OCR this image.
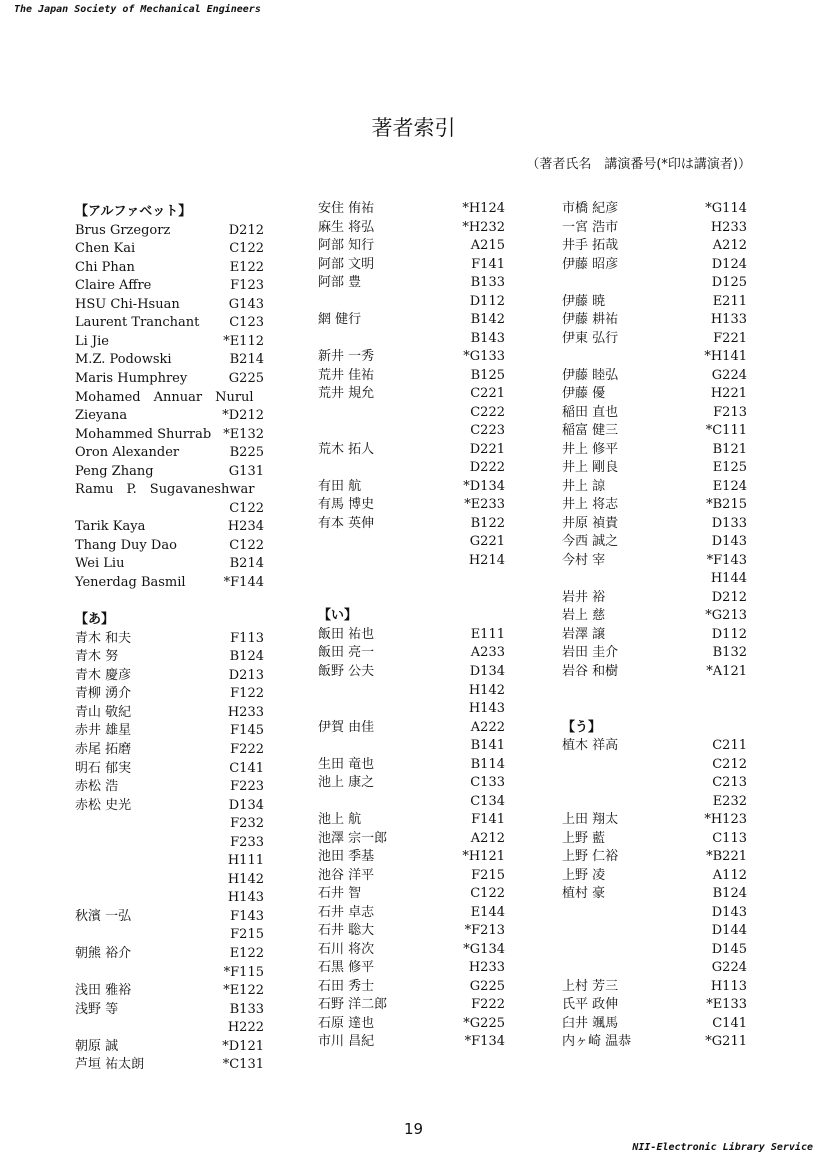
The Japan Society of Mechanical Engineers
著者索引
（著者氏名　講演番号(*印は講演者)）
【アルファベット】
Brus Grzegorz	D212
Chen Kai	C122
Chi Phan	E122
Claire Affre	F123
HSU Chi-Hsuan	G143
Laurent Tranchant C123
Li Jie	*E112
M.Z. Podowski	B214
Maris Humphrey	G225
Mohamed　Annuar　Nurul
Zieyana	*D212
Mohammed Shurrab *E132
Oron Alexander	B225
Peng Zhang	G131
Ramu　P.　Sugavaneshwar
C122
Tarik Kaya	H234
Thang Duy Dao	C122
Wei Liu	B214
Yenerdag Basmil	*F144
【あ】
青木 和夫	F113
青木 努	B124
青木 慶彦	D213
青柳 湧介	F122
青山 敬紀	H233
赤井 雄星	F145
赤尾 拓磨	F222
明石 郁実	C141
赤松 浩	F223
赤松 史光	D134
F232
F233
H111
H142
H143
秋濱 一弘	F143
F215
朝熊 裕介	E122
*F115
浅田 雅裕	*E122
浅野 等	B133
H222
朝原 誠	*D121
芦垣 祐太朗	*C131
安住 侑祐	*H124
麻生 将弘	*H232
阿部 知行	A215
阿部 文明	F141
阿部 豊	B133
D112
網 健行	B142
B143
新井 一秀	*G133
荒井 佳祐	B125
荒井 規允	C221
C222
C223
荒木 拓人	D221
D222
有田 航	*D134
有馬 博史	*E233
有本 英伸	B122
G221
H214
【い】
飯田 祐也	E111
飯田 亮一	A233
飯野 公夫	D134
H142
H143
伊賀 由佳	A222
B141
生田 竜也	B114
池上 康之	C133
C134
池上 航	F141
池澤 宗一郎	A212
池田 季基	*H121
池谷 洋平	F215
石井 智	C122
石井 卓志	E144
石井 聡大	*F213
石川 将次	*G134
石黒 修平	H233
石田 秀士	G225
石野 洋二郎	F222
石原 達也	*G225
市川 昌紀	*F134
市橋 紀彦	*G114
一宮 浩市	H233
井手 拓哉	A212
伊藤 昭彦	D124
D125
伊藤 暁	E211
伊藤 耕祐	H133
伊東 弘行	F221
*H141
伊藤 睦弘	G224
伊藤 優	H221
稲田 直也	F213
稲富 健三	*C111
井上 修平	B121
井上 剛良	E125
井上 諒	E124
井上 将志	*B215
井原 禎貴	D133
今西 誠之	D143
今村 宰	*F143
H144
岩井 裕	D212
岩上 慈	*G213
岩澤 譲	D112
岩田 圭介	B132
岩谷 和樹	*A121
【う】
植木 祥高	C211
C212
C213
E232
上田 翔太	*H123
上野 藍	C113
上野 仁裕	*B221
上野 凌	A112
植村 豪	B124
D143
D144
D145
G224
上村 芳三	H113
氏平 政伸	*E133
臼井 颯馬	C141
内ヶ崎 温恭	*G211
19
NII-Electronic Library Service
